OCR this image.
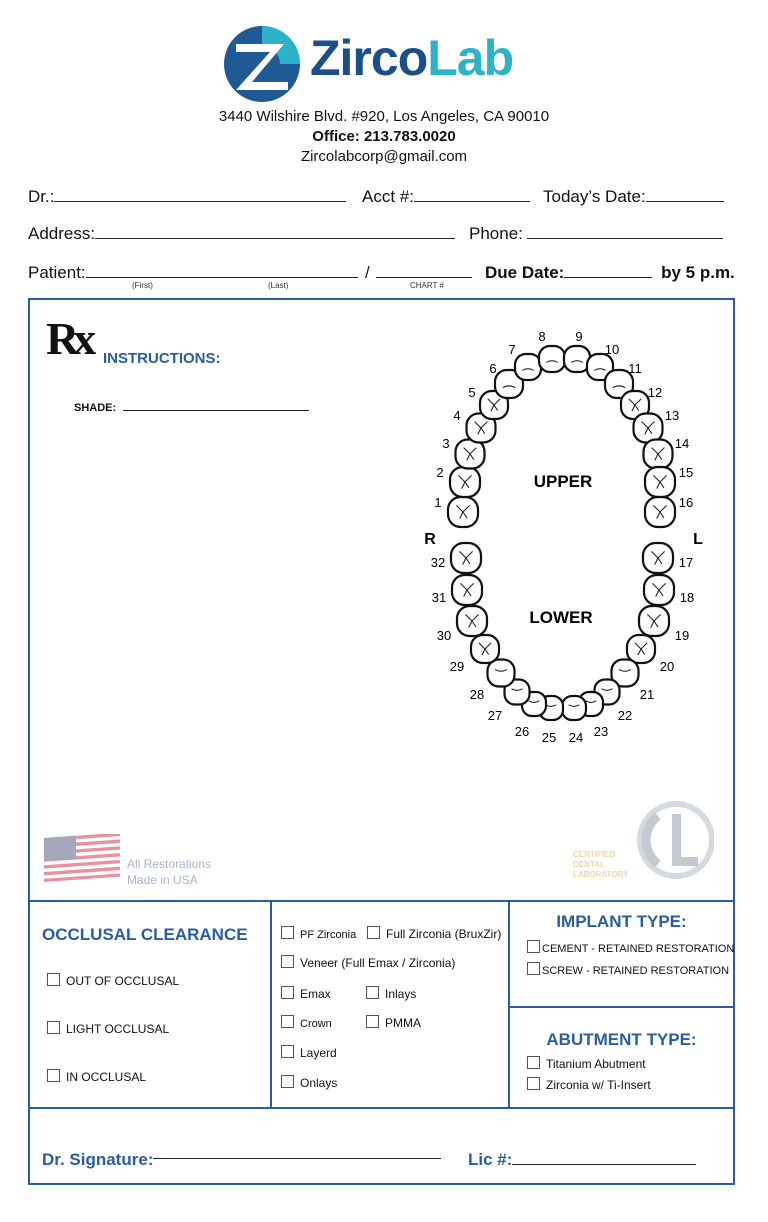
ZircoLab
3440 Wilshire Blvd. #920, Los Angeles, CA 90010
Office: 213.783.0020
Zircolabcorp@gmail.com
Dr.:	Acct #:	Today’s Date:
Address:	Phone:
Patient:
(First)	(Last)
/
CHART #
Due Date:	by 5 p.m.
Rx INSTRUCTIONS:
SHADE:
1
2
3
4
5
6
7
8 9
10
11
12
13
14
15
16
17
18
19
20
21
22
23
24
25
26
27
28
29
30
31
32
UPPER
LOWER
R	L
All Restorations
Made in USA
CERTIFIED
DENTAL
LABORATORY
OCCLUSAL CLEARANCE
OUT OF OCCLUSAL
LIGHT OCCLUSAL
IN OCCLUSAL
PF Zirconia	Full Zirconia (BruxZir)
Veneer (Full Emax / Zirconia)
Emax	Inlays
Crown	PMMA
Layerd
Onlays
IMPLANT TYPE:
CEMENT - RETAINED RESTORATION
SCREW - RETAINED RESTORATION
ABUTMENT TYPE:
Titanium Abutment
Zirconia w/ Ti-Insert
Dr. Signature:	Lic #:
